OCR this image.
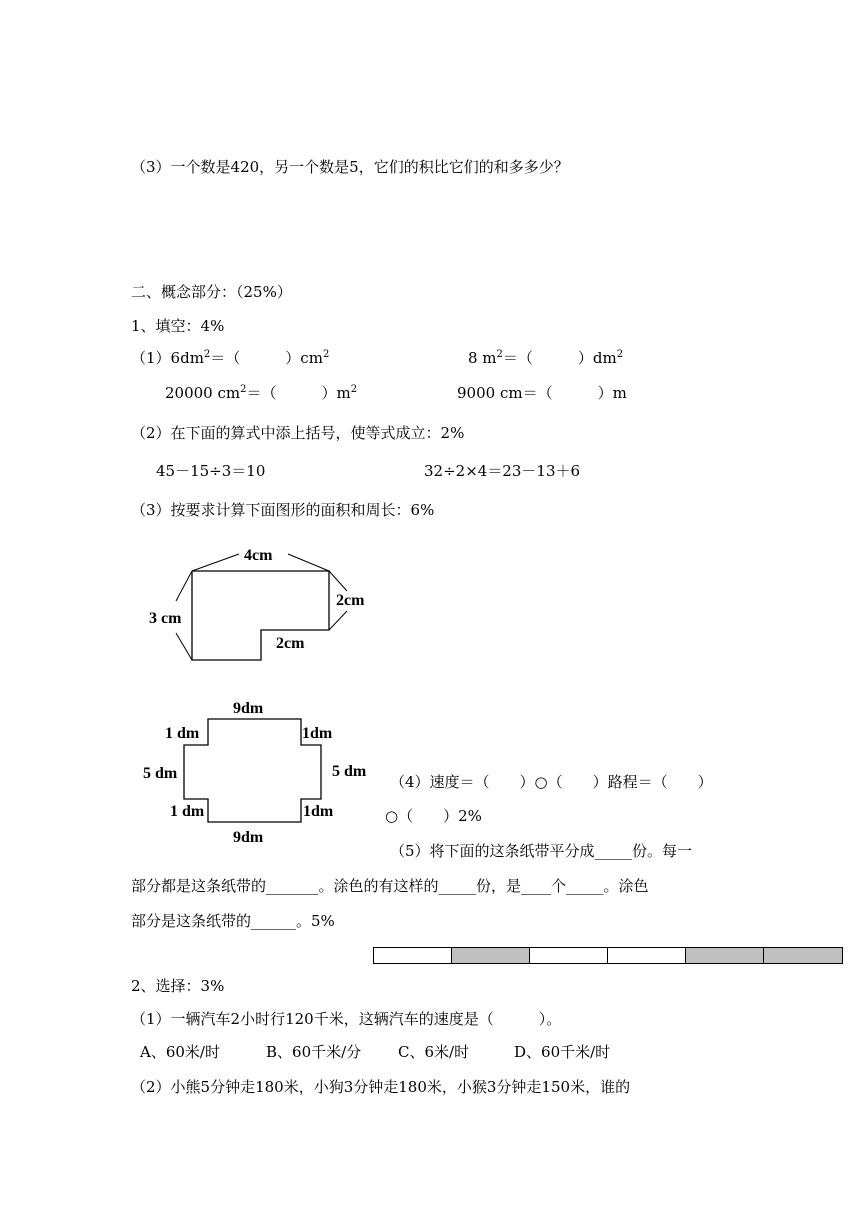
（3）一个数是420，另一个数是5，它们的积比它们的和多多少？
二、概念部分：（25%）
1、填空：4%
$(1)6dm^2=$（　　　）$cm^2$	8 $m^2=$（　　　）$dm^2$
20000 $cm^2=$（　　　）$m^2$	9000 cm＝（　　　）m
（2）在下面的算式中添上括号，使等式成立：2%
45－15÷3＝10	32÷2×4＝23－13＋6
（3）按要求计算下面图形的面积和周长：6%
4cm
3 cm
2cm
2cm
9dm
1 dm	1dm
5 dm	5 dm
1 dm	1dm
9dm
（4）速度＝（　　）○（　　）路程＝（　　）
○（　　）2%
（5）将下面的这条纸带平分成_____份。每一
部分都是这条纸带的_______。涂色的有这样的_____份，是____个_____。涂色
部分是这条纸带的______。5%
2、选择：3%
（1）一辆汽车2小时行120千米，这辆汽车的速度是（　　　）。
A、60米/时	B、60千米/分 C、6米/时	D、60千米/时
（2）小熊5分钟走180米，小狗3分钟走180米，小猴3分钟走150米，谁的
